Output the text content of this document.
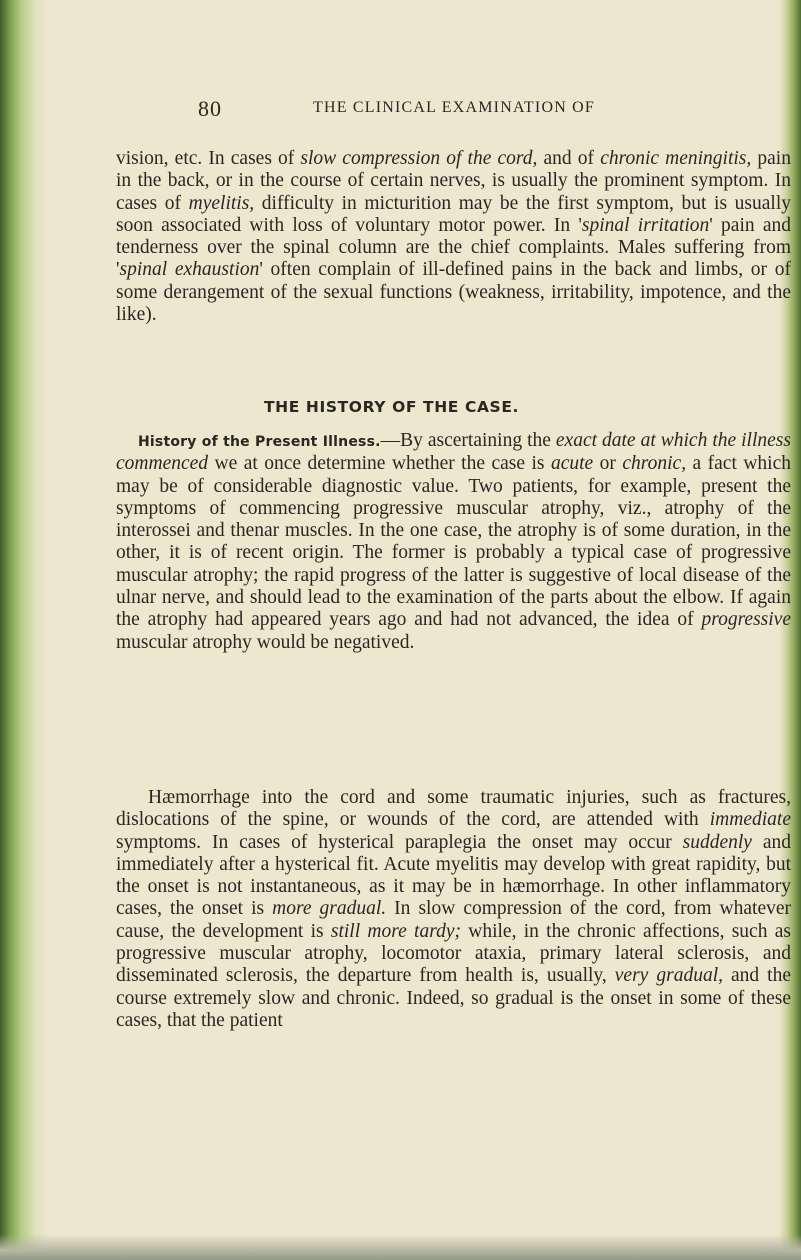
80	THE CLINICAL EXAMINATION OF
vision, etc. In cases of slow compression of the cord, and of chronic meningitis, pain in the back, or in the course of certain nerves, is usually the prominent symptom. In cases of myelitis, difficulty in micturition may be the first symptom, but is usually soon associated with loss of voluntary motor power. In 'spinal irritation' pain and tenderness over the spinal column are the chief complaints. Males suffering from 'spinal exhaustion' often complain of ill-defined pains in the back and limbs, or of some derangement of the sexual functions (weakness, irritability, impotence, and the like).
THE HISTORY OF THE CASE.
History of the Present Illness.—By ascertaining the exact date at which the illness commenced we at once determine whether the case is acute or chronic, a fact which may be of considerable diagnostic value. Two patients, for example, present the symptoms of commencing progressive muscular atrophy, viz., atrophy of the interossei and thenar muscles. In the one case, the atrophy is of some duration, in the other, it is of recent origin. The former is probably a typical case of progressive muscular atrophy; the rapid progress of the latter is suggestive of local disease of the ulnar nerve, and should lead to the examination of the parts about the elbow. If again the atrophy had appeared years ago and had not advanced, the idea of progressive muscular atrophy would be negatived.
Hæmorrhage into the cord and some traumatic injuries, such as fractures, dislocations of the spine, or wounds of the cord, are attended with immediate symptoms. In cases of hysterical paraplegia the onset may occur suddenly and immediately after a hysterical fit. Acute myelitis may develop with great rapidity, but the onset is not instantaneous, as it may be in hæmorrhage. In other inflammatory cases, the onset is more gradual. In slow compression of the cord, from whatever cause, the development is still more tardy; while, in the chronic affections, such as progressive muscular atrophy, locomotor ataxia, primary lateral sclerosis, and disseminated sclerosis, the departure from health is, usually, very gradual, and the course extremely slow and chronic. Indeed, so gradual is the onset in some of these cases, that the patient
